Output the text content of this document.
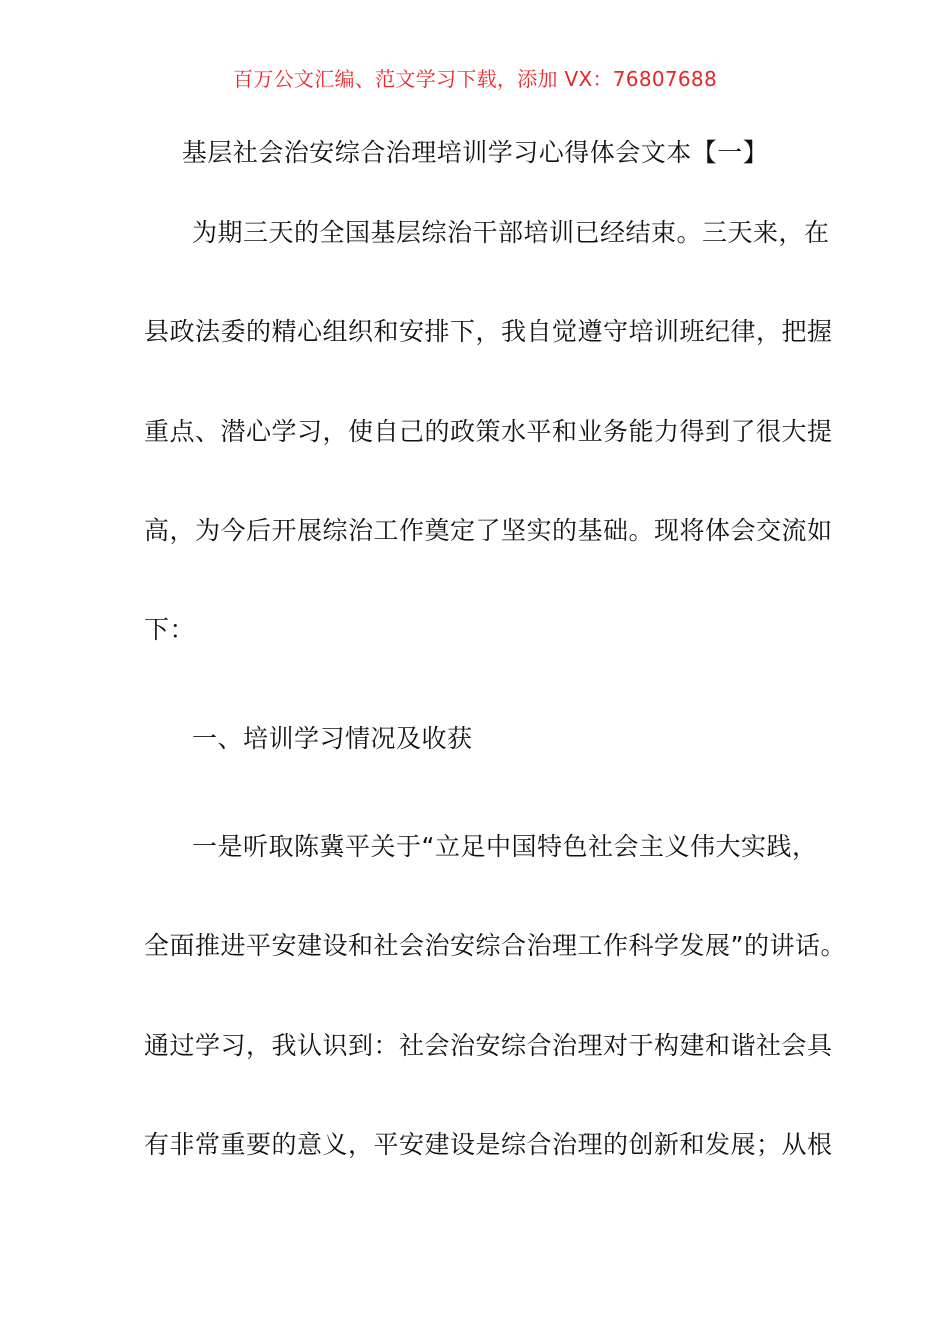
百万公文汇编、范文学习下载，添加 VX：76807688
基层社会治安综合治理培训学习心得体会文本【一】
为期三天的全国基层综治干部培训已经结束。三天来，在
县政法委的精心组织和安排下，我自觉遵守培训班纪律，把握
重点、潜心学习，使自己的政策水平和业务能力得到了很大提
高，为今后开展综治工作奠定了坚实的基础。现将体会交流如
下：
一、培训学习情况及收获
一是听取陈冀平关于“立足中国特色社会主义伟大实践，
全面推进平安建设和社会治安综合治理工作科学发展”的讲话。
通过学习，我认识到：社会治安综合治理对于构建和谐社会具
有非常重要的意义，平安建设是综合治理的创新和发展；从根
